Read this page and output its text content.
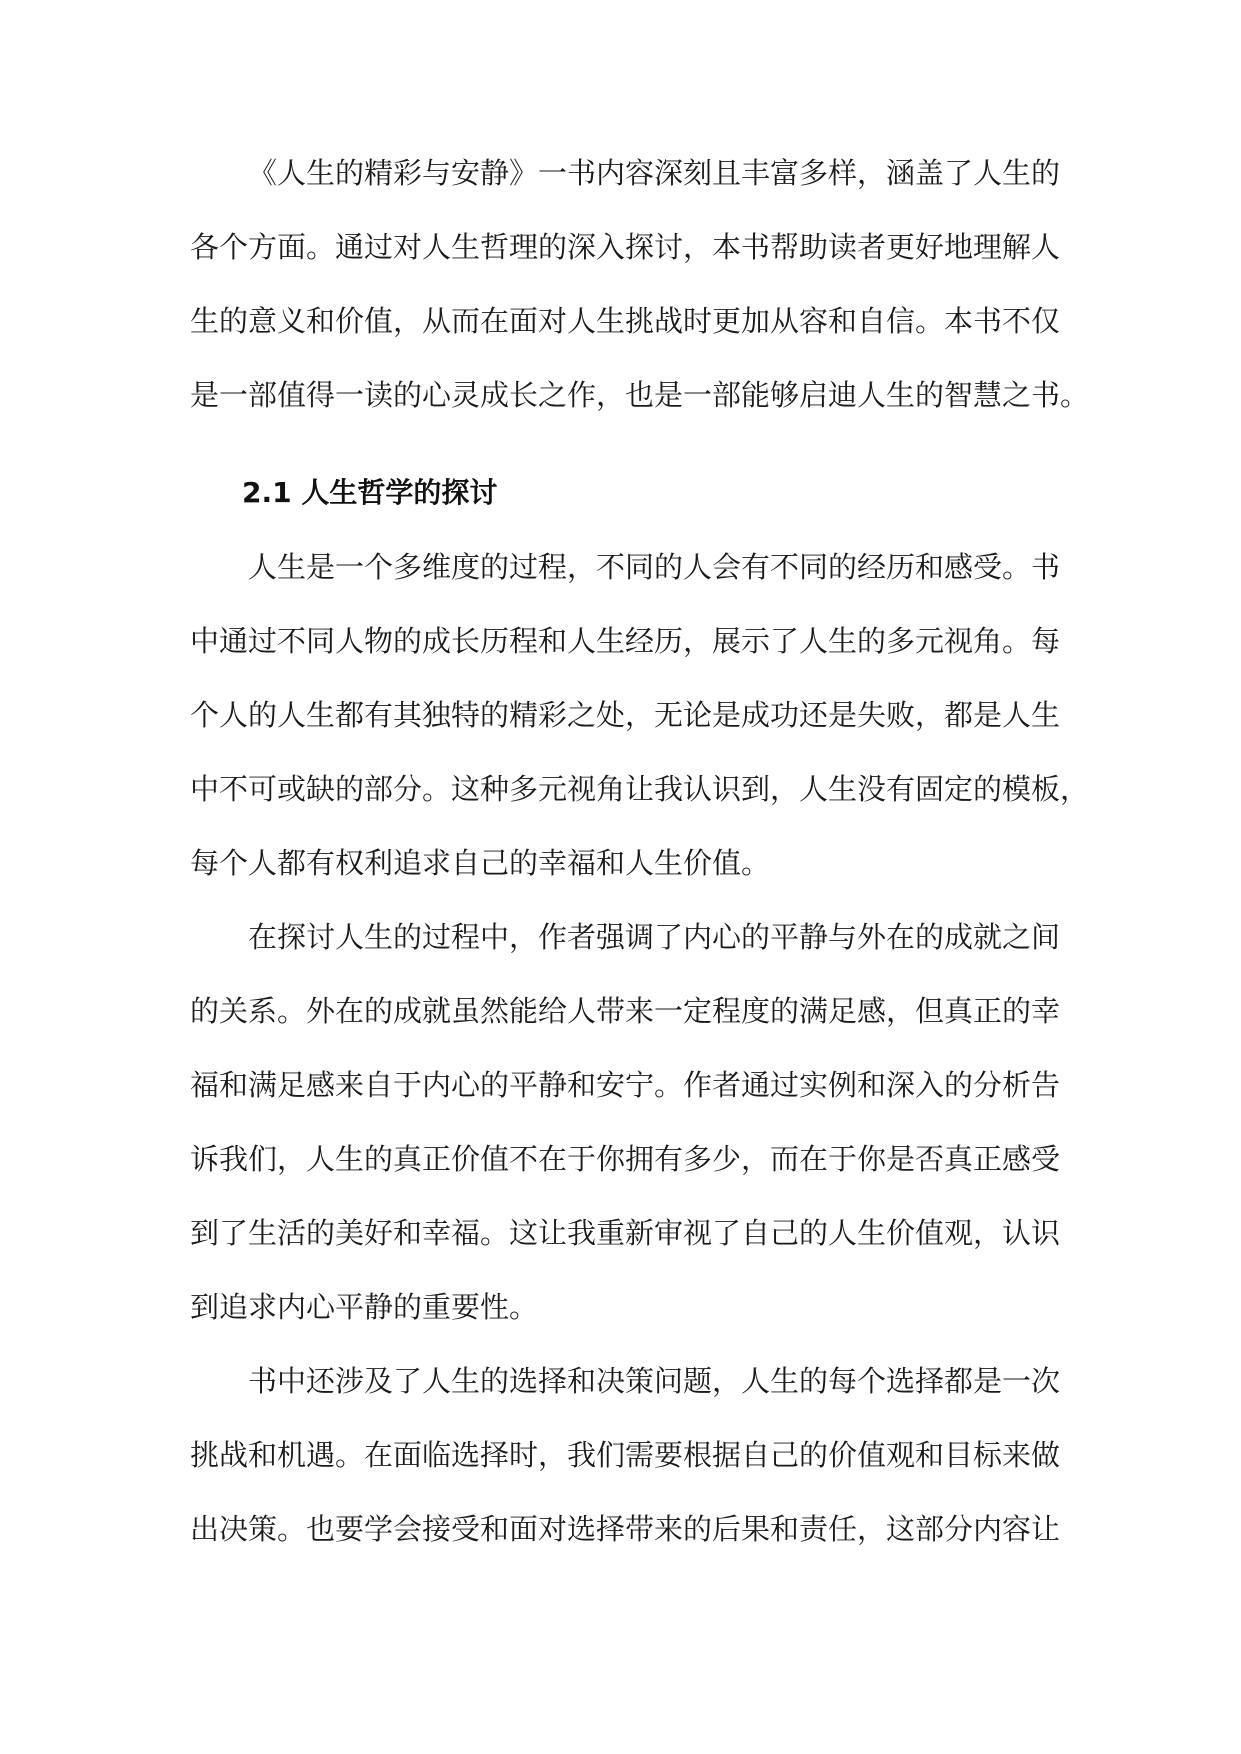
《人生的精彩与安静》一书内容深刻且丰富多样，涵盖了人生的
各个方面。通过对人生哲理的深入探讨，本书帮助读者更好地理解人
生的意义和价值，从而在面对人生挑战时更加从容和自信。本书不仅
是一部值得一读的心灵成长之作，也是一部能够启迪人生的智慧之书。
2.1 人生哲学的探讨
人生是一个多维度的过程，不同的人会有不同的经历和感受。书
中通过不同人物的成长历程和人生经历，展示了人生的多元视角。每
个人的人生都有其独特的精彩之处，无论是成功还是失败，都是人生
中不可或缺的部分。这种多元视角让我认识到，人生没有固定的模板，
每个人都有权利追求自己的幸福和人生价值。
在探讨人生的过程中，作者强调了内心的平静与外在的成就之间
的关系。外在的成就虽然能给人带来一定程度的满足感，但真正的幸
福和满足感来自于内心的平静和安宁。作者通过实例和深入的分析告
诉我们，人生的真正价值不在于你拥有多少，而在于你是否真正感受
到了生活的美好和幸福。这让我重新审视了自己的人生价值观，认识
到追求内心平静的重要性。
书中还涉及了人生的选择和决策问题，人生的每个选择都是一次
挑战和机遇。在面临选择时，我们需要根据自己的价值观和目标来做
出决策。也要学会接受和面对选择带来的后果和责任，这部分内容让
